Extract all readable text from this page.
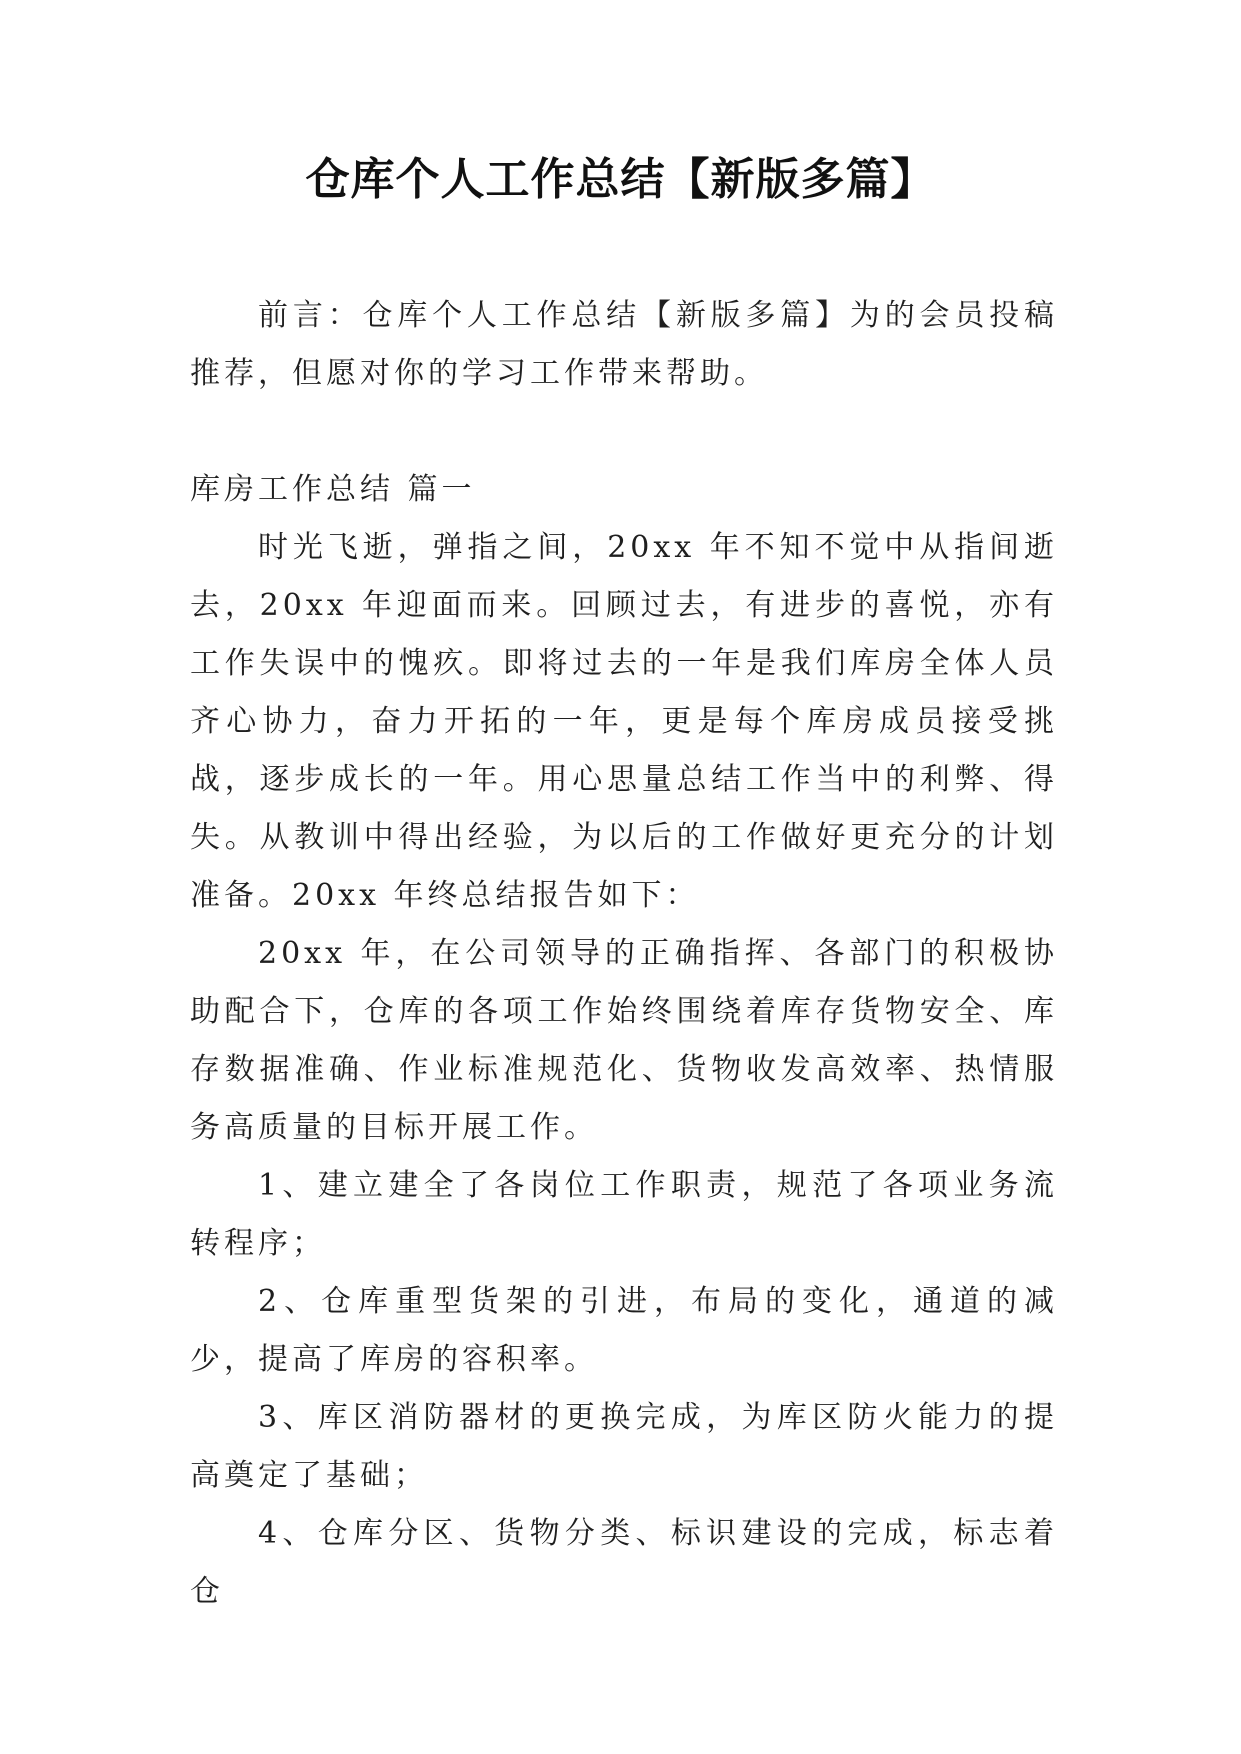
仓库个人工作总结【新版多篇】

前言：仓库个人工作总结【新版多篇】为的会员投稿推荐，但愿对你的学习工作带来帮助。

库房工作总结 篇一

时光飞逝，弹指之间，20xx 年不知不觉中从指间逝去，20xx 年迎面而来。回顾过去，有进步的喜悦，亦有工作失误中的愧疚。即将过去的一年是我们库房全体人员齐心协力，奋力开拓的一年，更是每个库房成员接受挑战，逐步成长的一年。用心思量总结工作当中的利弊、得失。从教训中得出经验，为以后的工作做好更充分的计划准备。20xx 年终总结报告如下：

20xx 年，在公司领导的正确指挥、各部门的积极协助配合下，仓库的各项工作始终围绕着库存货物安全、库存数据准确、作业标准规范化、货物收发高效率、热情服务高质量的目标开展工作。

1、建立建全了各岗位工作职责，规范了各项业务流转程序；

2、仓库重型货架的引进，布局的变化，通道的减少，提高了库房的容积率。

3、库区消防器材的更换完成，为库区防火能力的提高奠定了基础；

4、仓库分区、货物分类、标识建设的完成，标志着仓
